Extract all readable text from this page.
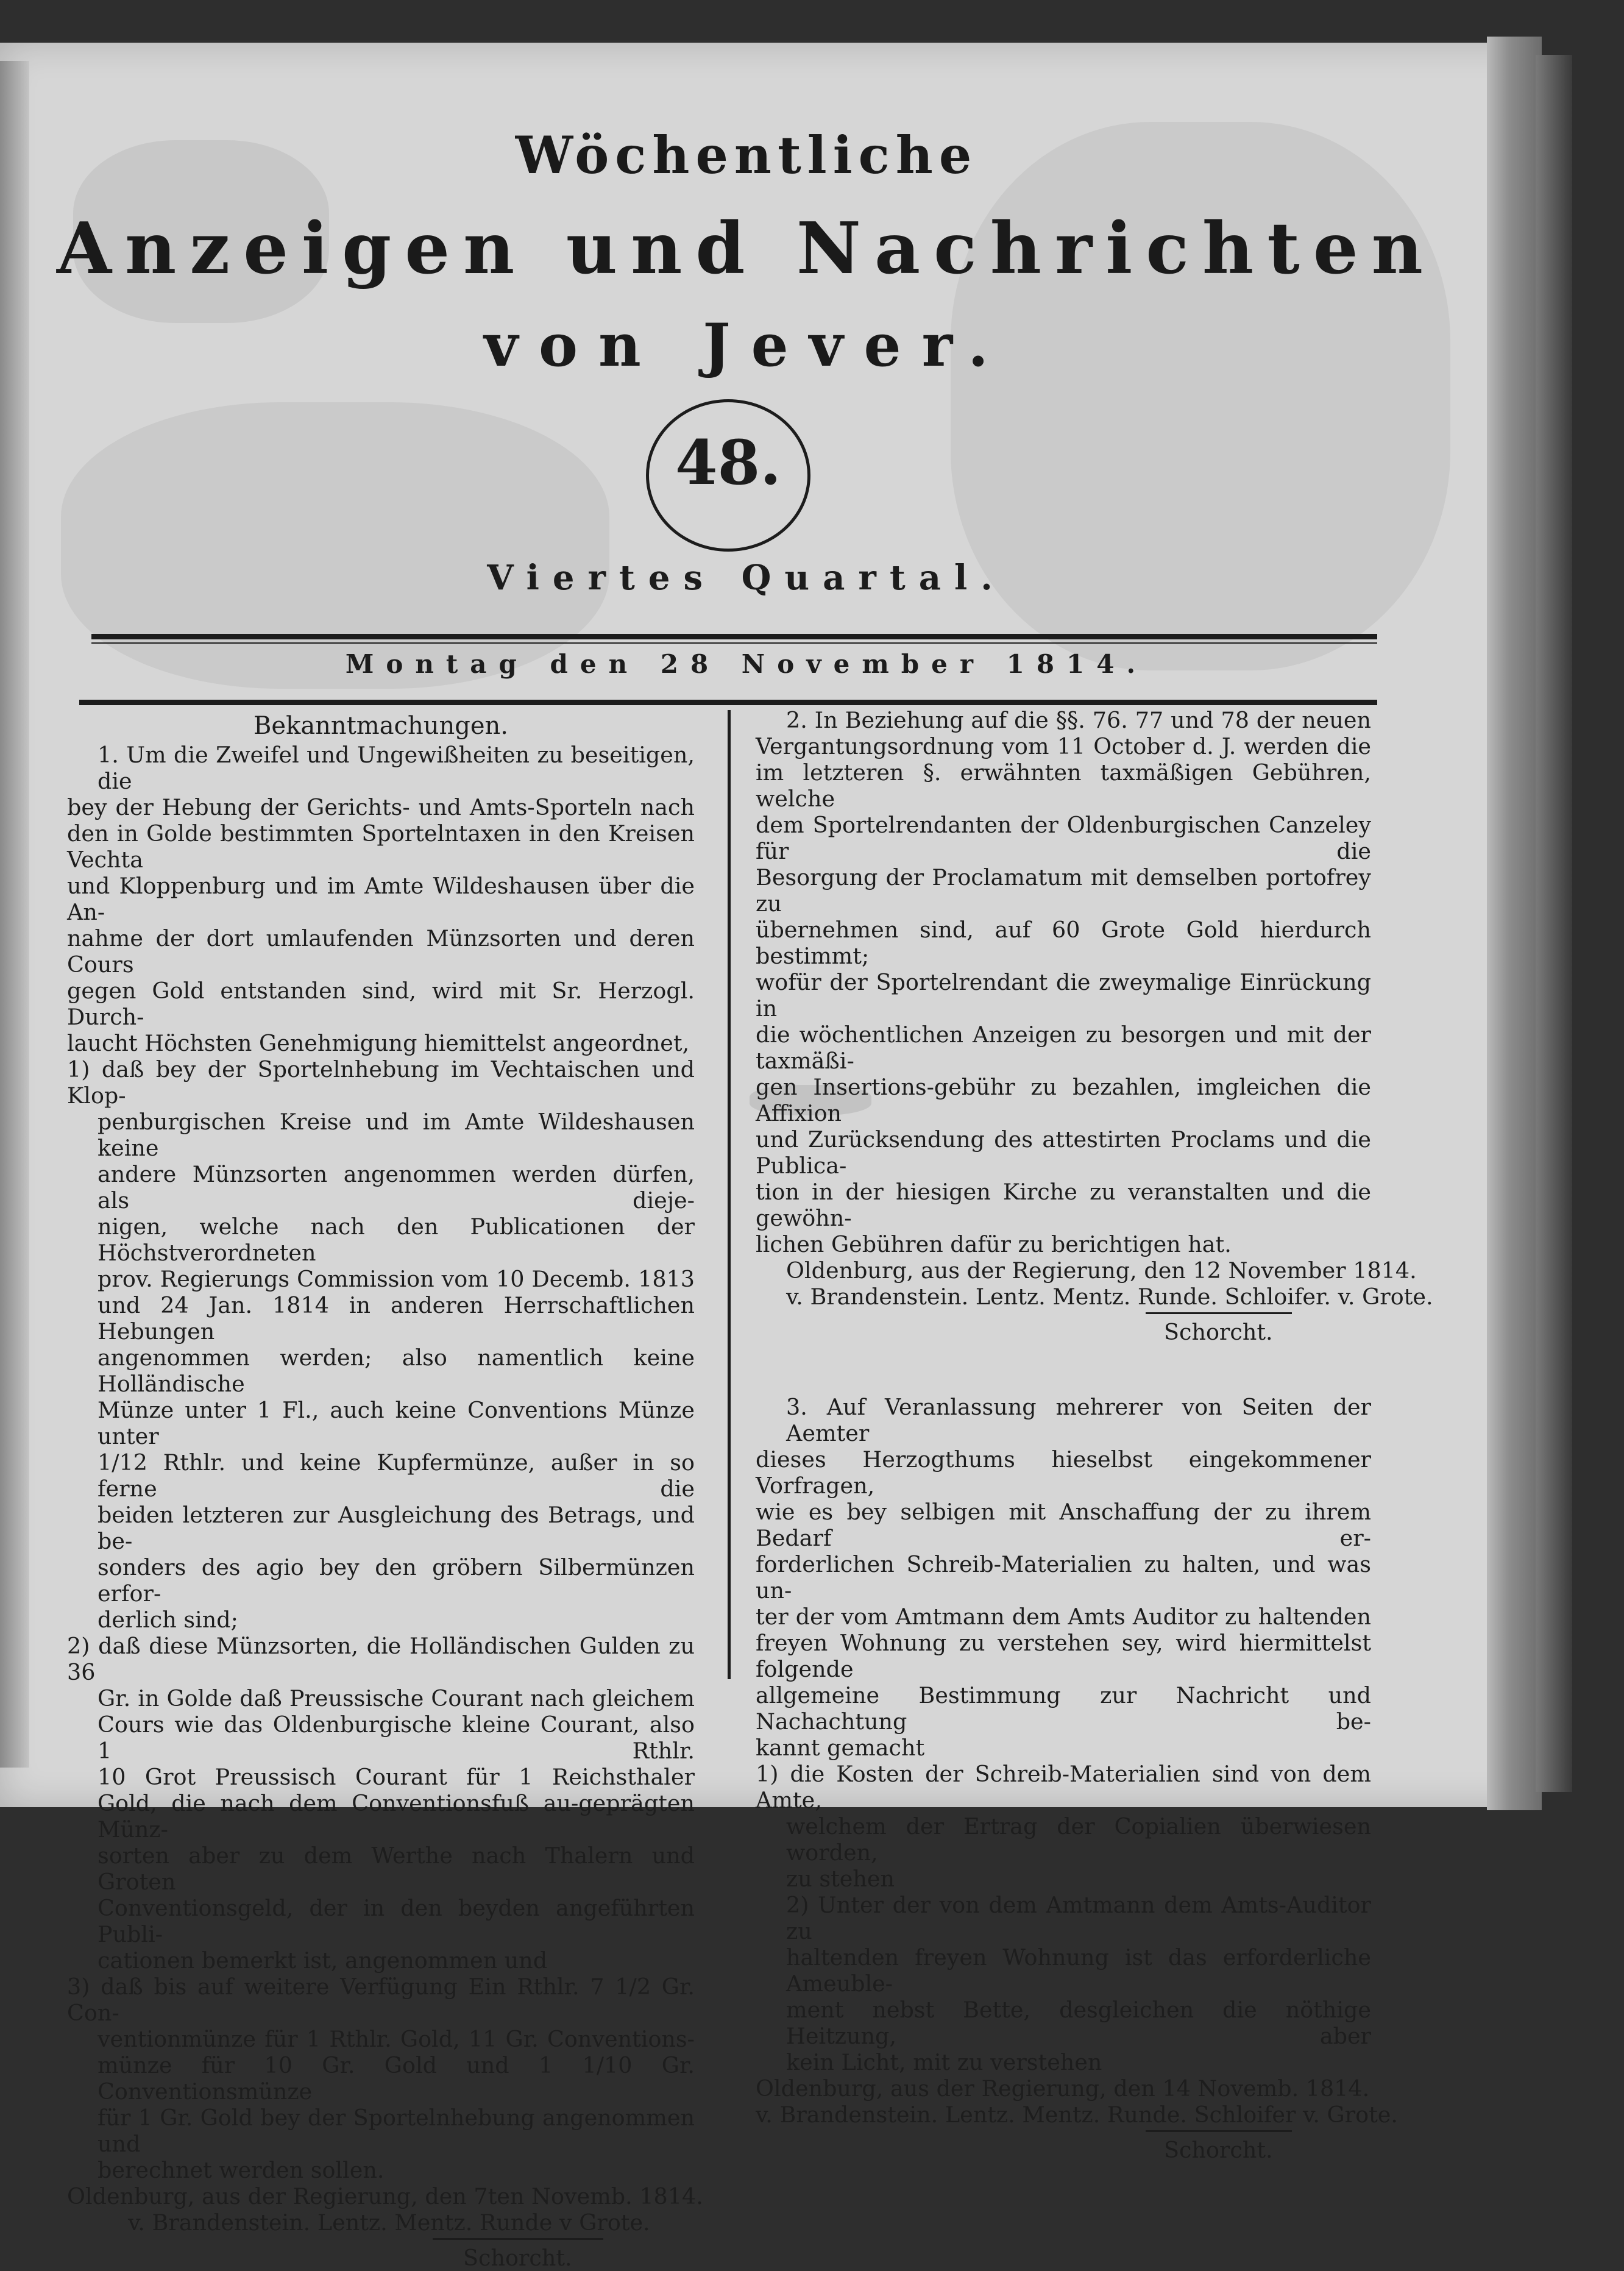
Wöchentliche
Anzeigen und Nachrichten
von Jever.
48.
Viertes Quartal.
Montag den 28 November 1814.
Bekanntmachungen.
1. Um die Zweifel und Ungewißheiten zu beseitigen, die
bey der Hebung der Gerichts- und Amts-Sporteln nach
den in Golde bestimmten Sportelntaxen in den Kreisen Vechta
und Kloppenburg und im Amte Wildeshausen über die An-
nahme der dort umlaufenden Münzsorten und deren Cours
gegen Gold entstanden sind, wird mit Sr. Herzogl. Durch-
laucht Höchsten Genehmigung hiemittelst angeordnet,
1) daß bey der Sportelnhebung im Vechtaischen und Klop-
penburgischen Kreise und im Amte Wildeshausen keine
andere Münzsorten angenommen werden dürfen, als dieje-
nigen, welche nach den Publicationen der Höchstverordneten
prov. Regierungs Commission vom 10 Decemb. 1813
und 24 Jan. 1814 in anderen Herrschaftlichen Hebungen
angenommen werden; also namentlich keine Holländische
Münze unter 1 Fl., auch keine Conventions Münze unter
1/12 Rthlr. und keine Kupfermünze, außer in so ferne die
beiden letzteren zur Ausgleichung des Betrags, und be-
sonders des agio bey den gröbern Silbermünzen erfor-
derlich sind;
2) daß diese Münzsorten, die Holländischen Gulden zu 36
Gr. in Golde daß Preussische Courant nach gleichem
Cours wie das Oldenburgische kleine Courant, also 1 Rthlr.
10 Grot Preussisch Courant für 1 Reichsthaler
Gold, die nach dem Conventionsfuß au-geprägten Münz-
sorten aber zu dem Werthe nach Thalern und Groten
Conventionsgeld, der in den beyden angeführten Publi-
cationen bemerkt ist, angenommen und
3) daß bis auf weitere Verfügung Ein Rthlr. 7 1/2 Gr. Con-
ventionmünze für 1 Rthlr. Gold, 11 Gr. Conventions-
münze für 10 Gr. Gold und 1 1/10 Gr. Conventionsmünze
für 1 Gr. Gold bey der Sportelnhebung angenommen und
berechnet werden sollen.
Oldenburg, aus der Regierung, den 7ten Novemb. 1814.
v. Brandenstein. Lentz. Mentz. Runde v Grote.
Schorcht.
2. In Beziehung auf die §§. 76. 77 und 78 der neuen
Vergantungsordnung vom 11 October d. J. werden die
im letzteren §. erwähnten taxmäßigen Gebühren, welche
dem Sportelrendanten der Oldenburgischen Canzeley für die
Besorgung der Proclamatum mit demselben portofrey zu
übernehmen sind, auf 60 Grote Gold hierdurch bestimmt;
wofür der Sportelrendant die zweymalige Einrückung in
die wöchentlichen Anzeigen zu besorgen und mit der taxmäßi-
gen Insertions-gebühr zu bezahlen, imgleichen die Affixion
und Zurücksendung des attestirten Proclams und die Publica-
tion in der hiesigen Kirche zu veranstalten und die gewöhn-
lichen Gebühren dafür zu berichtigen hat.
Oldenburg, aus der Regierung, den 12 November 1814.
v. Brandenstein. Lentz. Mentz. Runde. Schloifer. v. Grote.
Schorcht.
3. Auf Veranlassung mehrerer von Seiten der Aemter
dieses Herzogthums hieselbst eingekommener Vorfragen,
wie es bey selbigen mit Anschaffung der zu ihrem Bedarf er-
forderlichen Schreib-Materialien zu halten, und was un-
ter der vom Amtmann dem Amts Auditor zu haltenden
freyen Wohnung zu verstehen sey, wird hiermittelst folgende
allgemeine Bestimmung zur Nachricht und Nachachtung be-
kannt gemacht
1) die Kosten der Schreib-Materialien sind von dem Amte,
welchem der Ertrag der Copialien überwiesen worden,
zu stehen
2) Unter der von dem Amtmann dem Amts-Auditor zu
haltenden freyen Wohnung ist das erforderliche Ameuble-
ment nebst Bette, desgleichen die nöthige Heitzung, aber
kein Licht, mit zu verstehen
Oldenburg, aus der Regierung, den 14 Novemb. 1814.
v. Brandenstein. Lentz. Mentz. Runde. Schloifer v. Grote.
Schorcht.
